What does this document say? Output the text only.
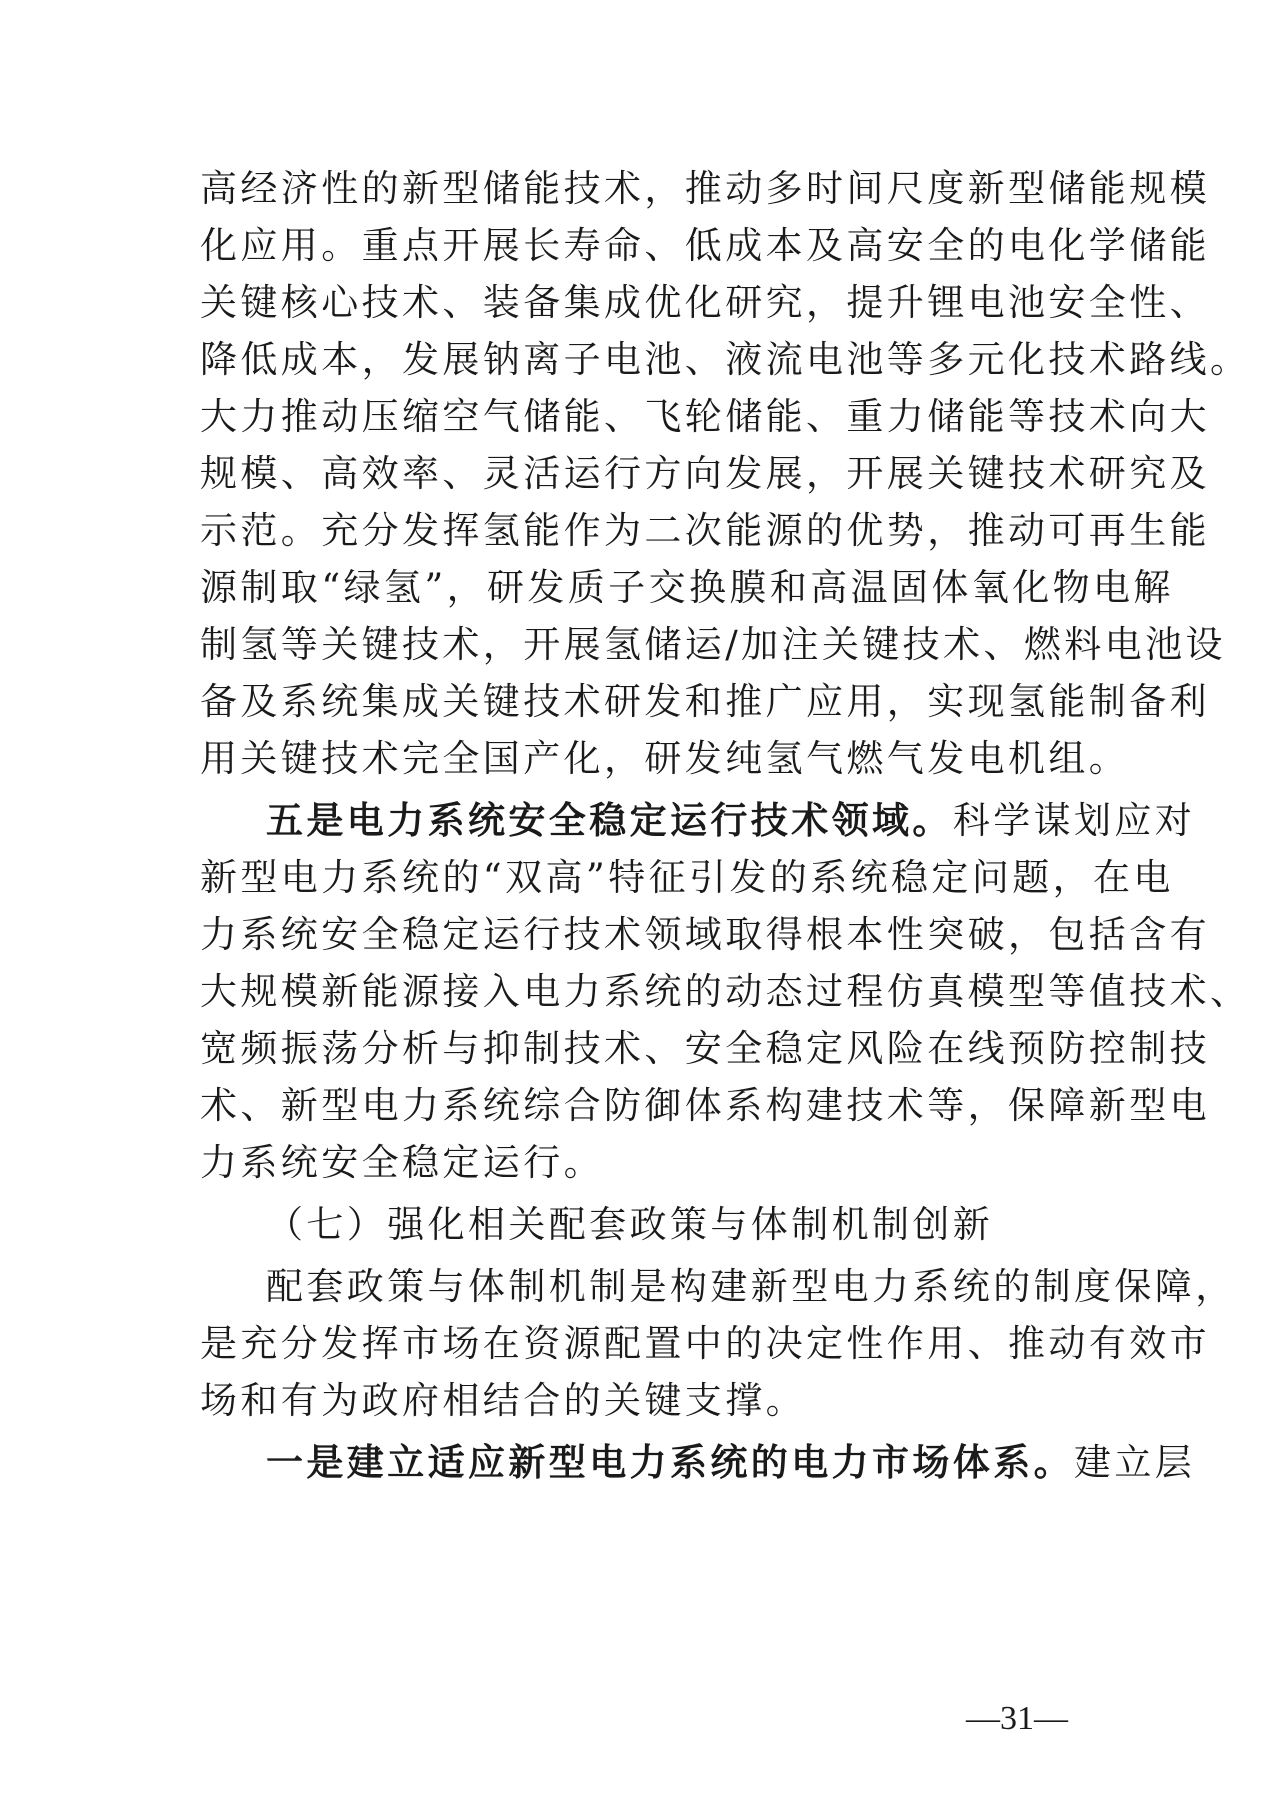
高经济性的新型储能技术，推动多时间尺度新型储能规模
化应用。重点开展长寿命、低成本及高安全的电化学储能
关键核心技术、装备集成优化研究，提升锂电池安全性、
降低成本，发展钠离子电池、液流电池等多元化技术路线。
大力推动压缩空气储能、飞轮储能、重力储能等技术向大
规模、高效率、灵活运行方向发展，开展关键技术研究及
示范。充分发挥氢能作为二次能源的优势，推动可再生能
源制取“绿氢”，研发质子交换膜和高温固体氧化物电解
制氢等关键技术，开展氢储运/加注关键技术、燃料电池设
备及系统集成关键技术研发和推广应用，实现氢能制备利
用关键技术完全国产化，研发纯氢气燃气发电机组。
五是电力系统安全稳定运行技术领域。科学谋划应对
新型电力系统的“双高”特征引发的系统稳定问题，在电
力系统安全稳定运行技术领域取得根本性突破，包括含有
大规模新能源接入电力系统的动态过程仿真模型等值技术、
宽频振荡分析与抑制技术、安全稳定风险在线预防控制技
术、新型电力系统综合防御体系构建技术等，保障新型电
力系统安全稳定运行。
（七）强化相关配套政策与体制机制创新
配套政策与体制机制是构建新型电力系统的制度保障，
是充分发挥市场在资源配置中的决定性作用、推动有效市
场和有为政府相结合的关键支撑。
一是建立适应新型电力系统的电力市场体系。建立层
—31—
